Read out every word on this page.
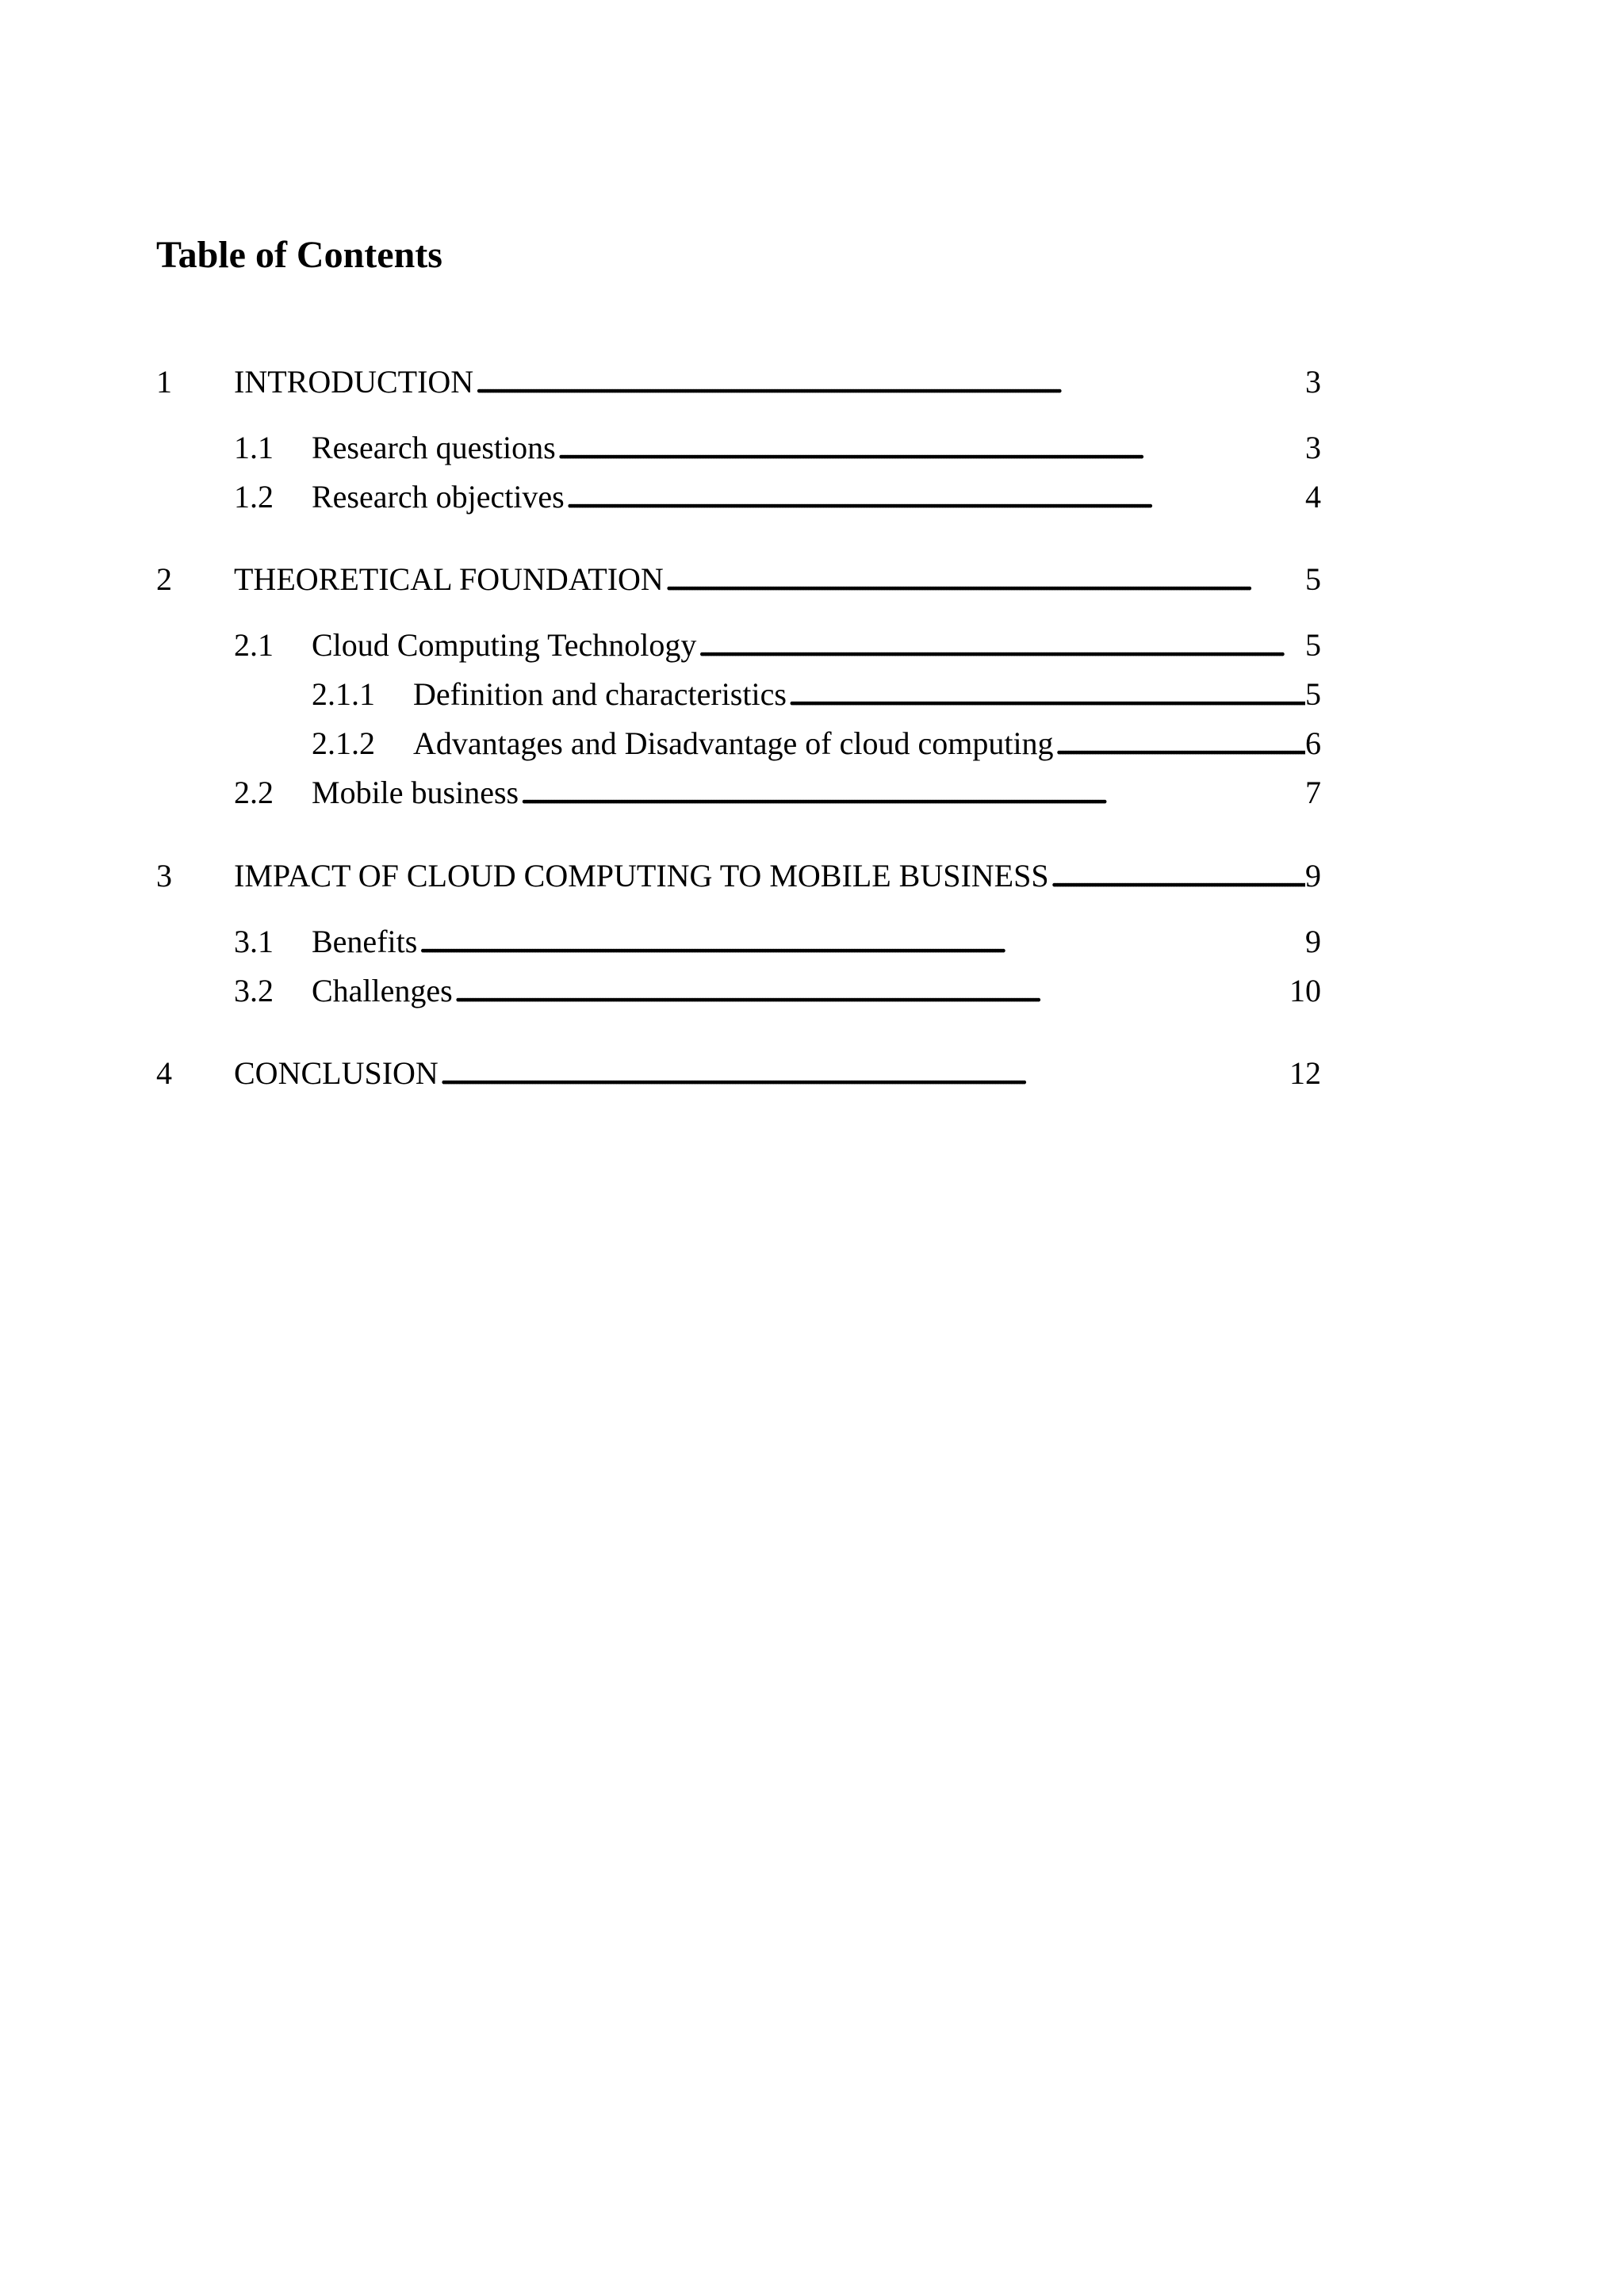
Table of Contents
1 INTRODUCTION . . .	3
1.1 Research questions . . .	3
1.2 Research objectives . . .	4
2 THEORETICAL FOUNDATION . . .	5
2.1 Cloud Computing Technology . . .	5
2.1.1 Definition and characteristics . . .	5
2.1.2 Advantages and Disadvantage of cloud computing . . .	6
2.2 Mobile business . . .	7
3 IMPACT OF CLOUD COMPUTING TO MOBILE BUSINESS . . .	9
3.1 Benefits . . .	9
3.2 Challenges . . .	10
4 CONCLUSION . . .	12
